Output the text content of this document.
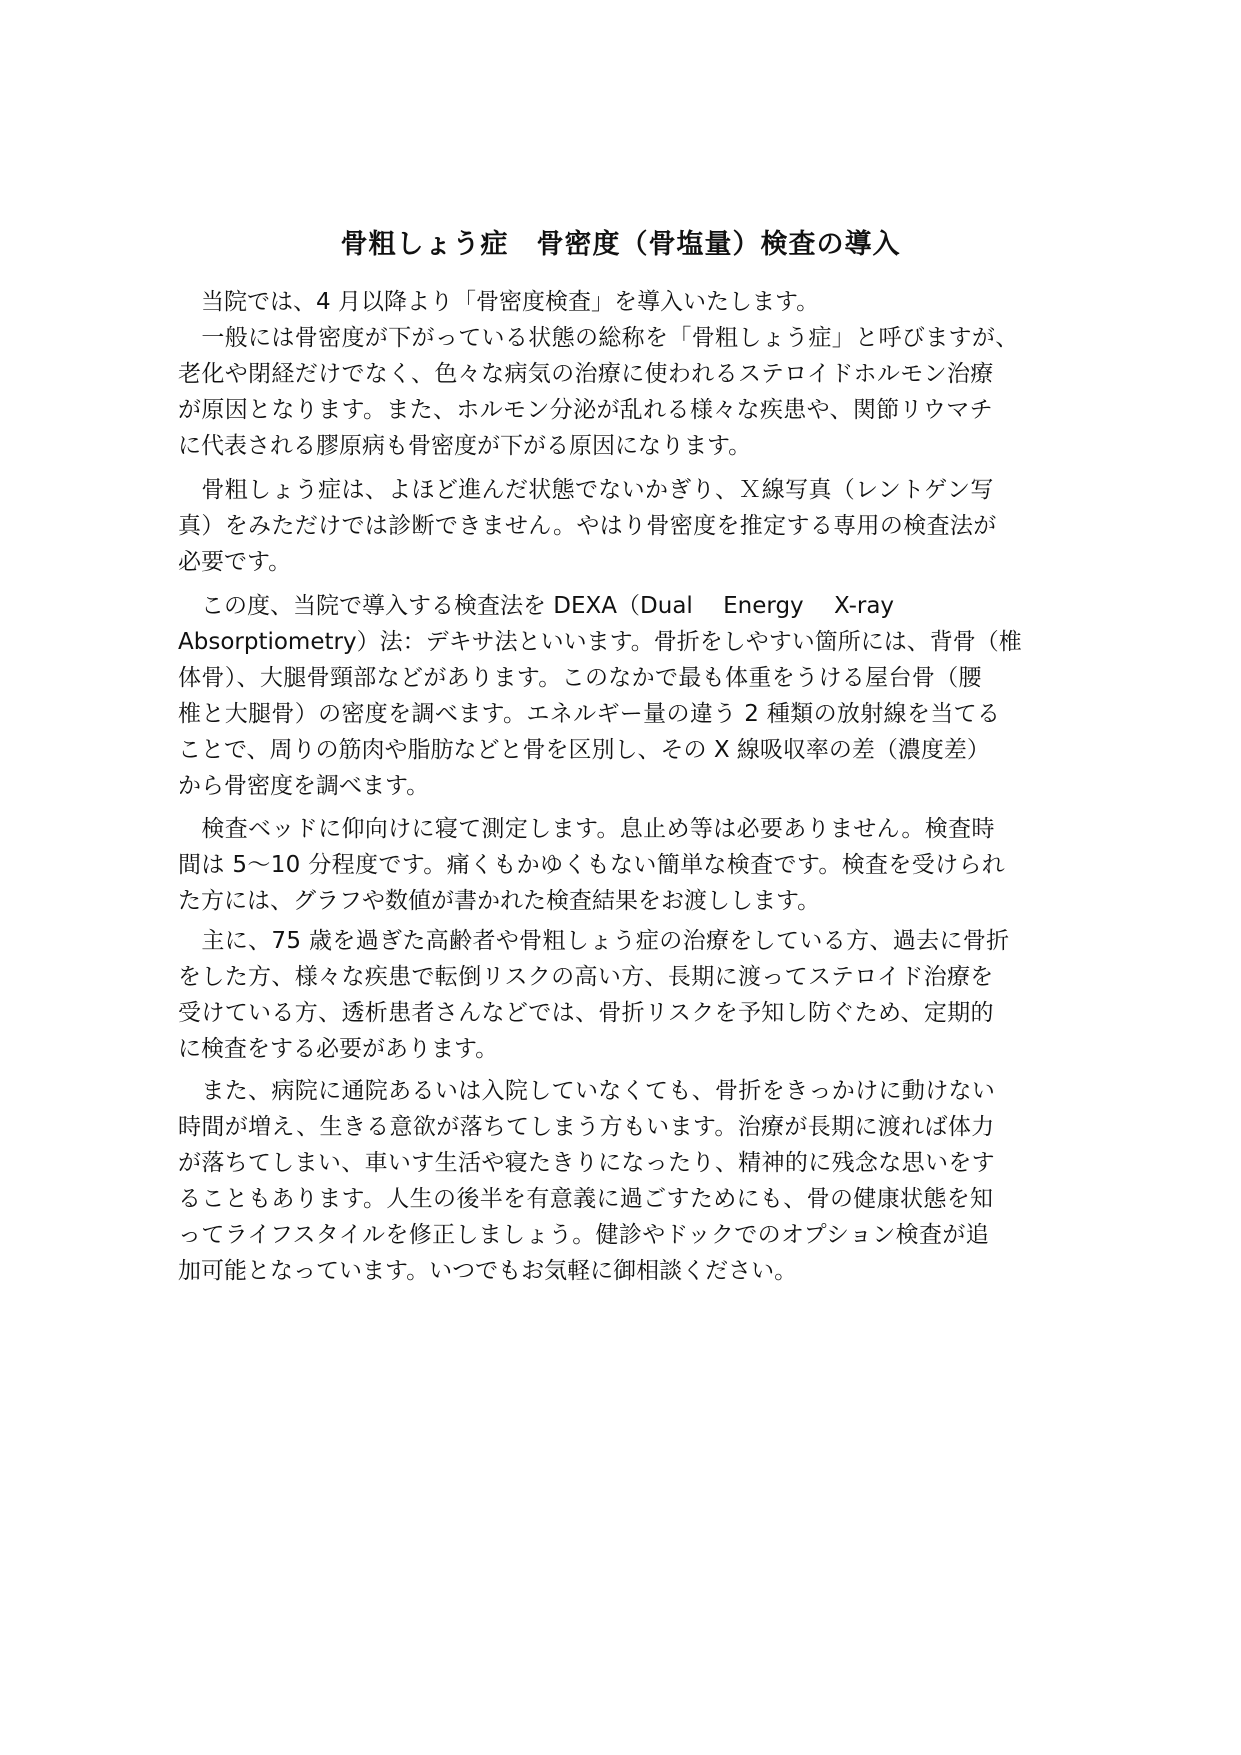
骨粗しょう症　骨密度（骨塩量）検査の導入
　当院では、4 月以降より「骨密度検査」を導入いたします。
　一般には骨密度が下がっている状態の総称を「骨粗しょう症」と呼びますが、
老化や閉経だけでなく、色々な病気の治療に使われるステロイドホルモン治療
が原因となります。また、ホルモン分泌が乱れる様々な疾患や、関節リウマチ
に代表される膠原病も骨密度が下がる原因になります。
　骨粗しょう症は、よほど進んだ状態でないかぎり、Ｘ線写真（レントゲン写
真）をみただけでは診断できません。やはり骨密度を推定する専用の検査法が
必要です。
　この度、当院で導入する検査法を DEXA（Dual　 Energy　 X-ray
Absorptiometry）法：デキサ法といいます。骨折をしやすい箇所には、背骨（椎
体骨）、大腿骨頸部などがあります。このなかで最も体重をうける屋台骨（腰
椎と大腿骨）の密度を調べます。エネルギー量の違う 2 種類の放射線を当てる
ことで、周りの筋肉や脂肪などと骨を区別し、その X 線吸収率の差（濃度差）
から骨密度を調べます。
　検査ベッドに仰向けに寝て測定します。息止め等は必要ありません。検査時
間は 5～10 分程度です。痛くもかゆくもない簡単な検査です。検査を受けられ
た方には、グラフや数値が書かれた検査結果をお渡しします。
　主に、75 歳を過ぎた高齢者や骨粗しょう症の治療をしている方、過去に骨折
をした方、様々な疾患で転倒リスクの高い方、長期に渡ってステロイド治療を
受けている方、透析患者さんなどでは、骨折リスクを予知し防ぐため、定期的
に検査をする必要があります。
　また、病院に通院あるいは入院していなくても、骨折をきっかけに動けない
時間が増え、生きる意欲が落ちてしまう方もいます。治療が長期に渡れば体力
が落ちてしまい、車いす生活や寝たきりになったり、精神的に残念な思いをす
ることもあります。人生の後半を有意義に過ごすためにも、骨の健康状態を知
ってライフスタイルを修正しましょう。健診やドックでのオプション検査が追
加可能となっています。いつでもお気軽に御相談ください。
